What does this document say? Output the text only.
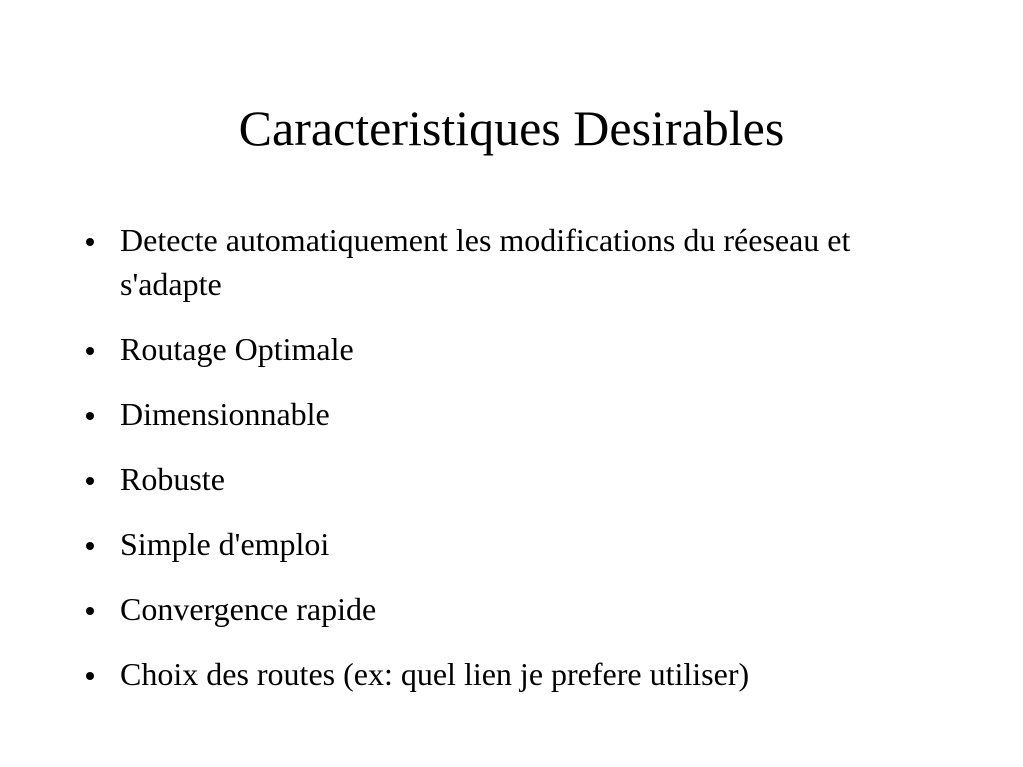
Caracteristiques Desirables
Detecte automatiquement les modifications du réeseau et s'adapte
Routage Optimale
Dimensionnable
Robuste
Simple d'emploi
Convergence rapide
Choix des routes (ex: quel lien je prefere utiliser)
